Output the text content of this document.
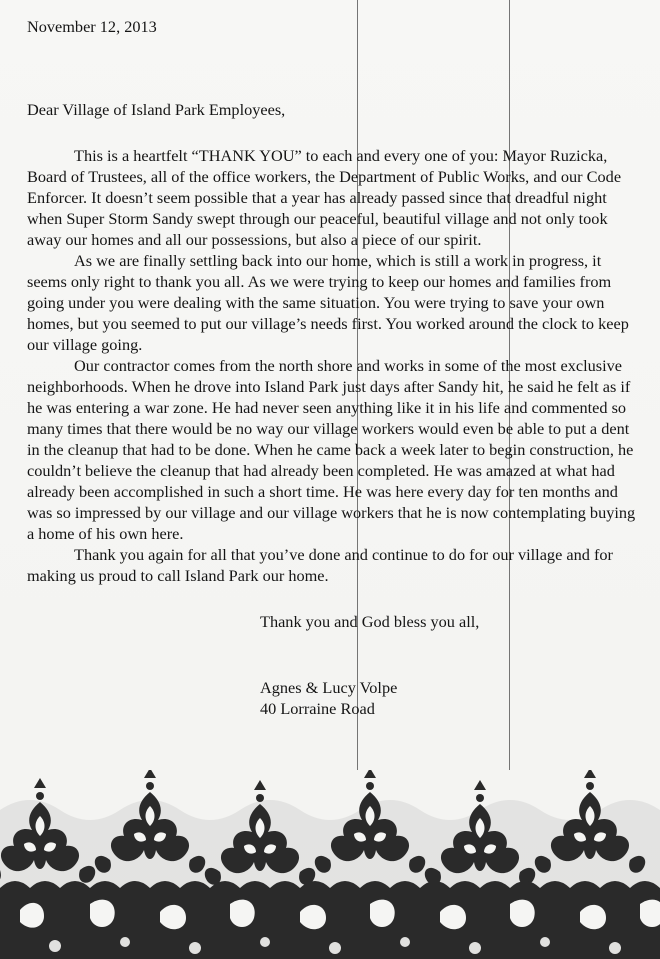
November 12, 2013

Dear Village of Island Park Employees,

This is a heartfelt “THANK YOU” to each and every one of you: Mayor Ruzicka, Board of Trustees, all of the office workers, the Department of Public Works, and our Code Enforcer. It doesn’t seem possible that a year has already passed since that dreadful night when Super Storm Sandy swept through our peaceful, beautiful village and not only took away our homes and all our possessions, but also a piece of our spirit.

As we are finally settling back into our home, which is still a work in progress, it seems only right to thank you all. As we were trying to keep our homes and families from going under you were dealing with the same situation. You were trying to save your own homes, but you seemed to put our village’s needs first. You worked around the clock to keep our village going.

Our contractor comes from the north shore and works in some of the most exclusive neighborhoods. When he drove into Island Park just days after Sandy hit, he said he felt as if he was entering a war zone. He had never seen anything like it in his life and commented so many times that there would be no way our village workers would even be able to put a dent in the cleanup that had to be done. When he came back a week later to begin construction, he couldn’t believe the cleanup that had already been completed. He was amazed at what had already been accomplished in such a short time. He was here every day for ten months and was so impressed by our village and our village workers that he is now contemplating buying a home of his own here.

Thank you again for all that you’ve done and continue to do for our village and for making us proud to call Island Park our home.

Thank you and God bless you all,

Agnes & Lucy Volpe
40 Lorraine Road
